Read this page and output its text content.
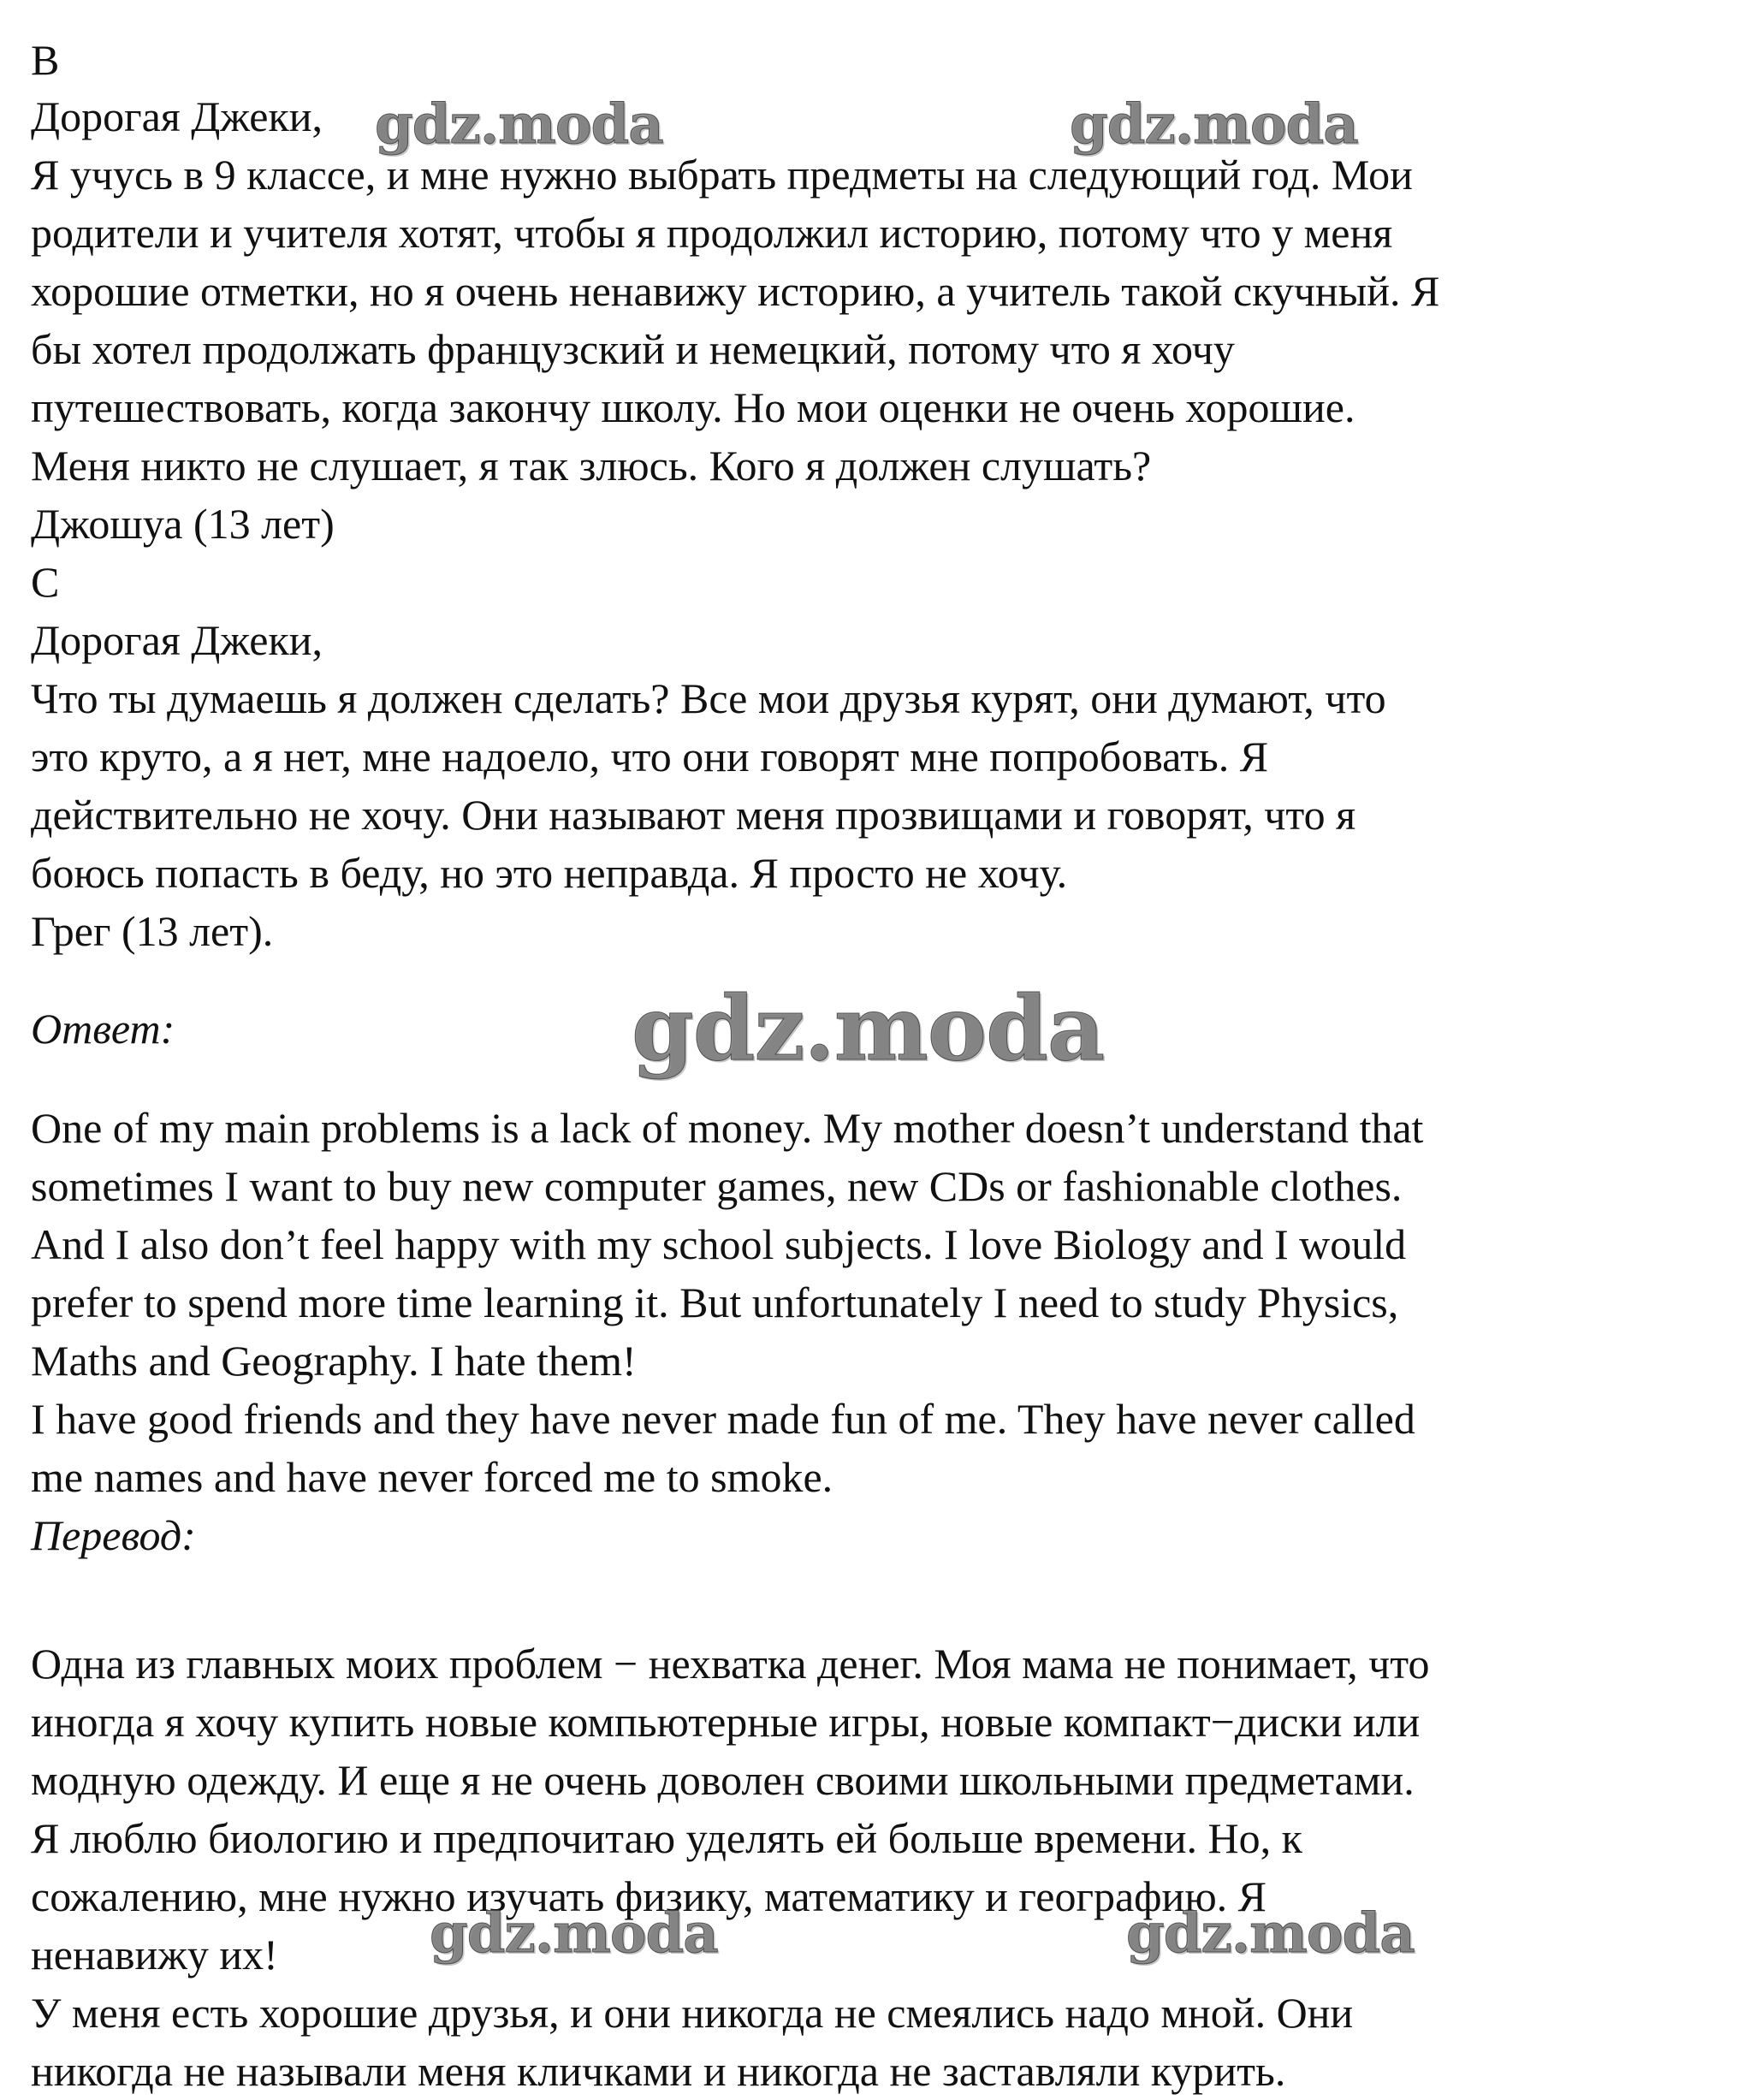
B
Дорогая Джеки,
Я учусь в 9 классе, и мне нужно выбрать предметы на следующий год. Мои
родители и учителя хотят, чтобы я продолжил историю, потому что у меня
хорошие отметки, но я очень ненавижу историю, а учитель такой скучный. Я
бы хотел продолжать французский и немецкий, потому что я хочу
путешествовать, когда закончу школу. Но мои оценки не очень хорошие.
Меня никто не слушает, я так злюсь. Кого я должен слушать?
Джошуа (13 лет)
С
Дорогая Джеки,
Что ты думаешь я должен сделать? Все мои друзья курят, они думают, что
это круто, а я нет, мне надоело, что они говорят мне попробовать. Я
действительно не хочу. Они называют меня прозвищами и говорят, что я
боюсь попасть в беду, но это неправда. Я просто не хочу.
Грег (13 лет).
Ответ:
One of my main problems is a lack of money. My mother doesn’t understand that
sometimes I want to buy new computer games, new CDs or fashionable clothes.
And I also don’t feel happy with my school subjects. I love Biology and I would
prefer to spend more time learning it. But unfortunately I need to study Physics,
Maths and Geography. I hate them!
I have good friends and they have never made fun of me. They have never called
me names and have never forced me to smoke.
Перевод:
Одна из главных моих проблем − нехватка денег. Моя мама не понимает, что
иногда я хочу купить новые компьютерные игры, новые компакт−диски или
модную одежду. И еще я не очень доволен своими школьными предметами.
Я люблю биологию и предпочитаю уделять ей больше времени. Но, к
сожалению, мне нужно изучать физику, математику и географию. Я
ненавижу их!
У меня есть хорошие друзья, и они никогда не смеялись надо мной. Они
никогда не называли меня кличками и никогда не заставляли курить.
gdz.moda	gdz.moda
gdz.moda
gdz.moda	gdz.moda
